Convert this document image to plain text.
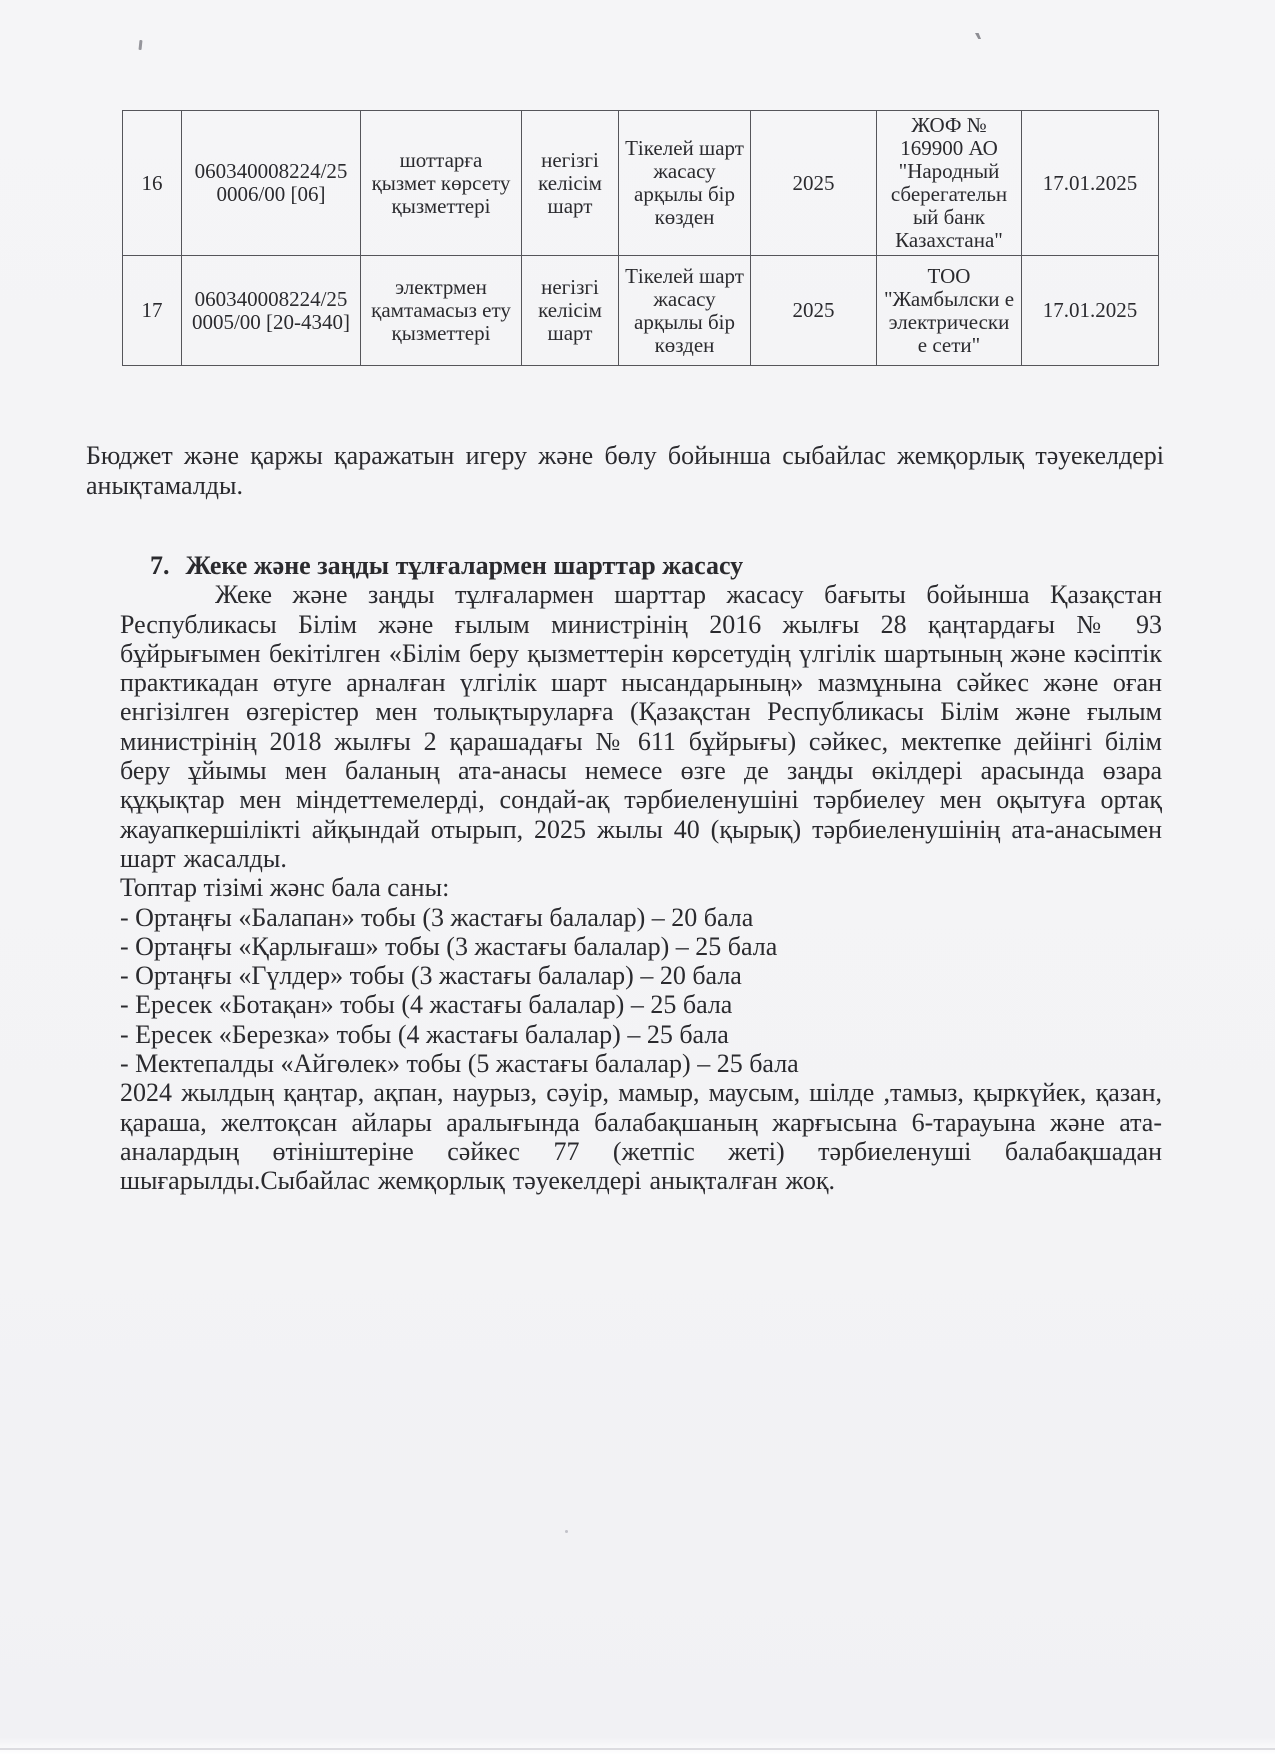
16	060340008224/25 0006/00 [06]	шоттарға қызмет көрсету қызметтері	негізгі келісім шарт	Тікелей шарт жасасу арқылы бір көзден	2025	ЖОФ № 169900 АО "Народный сберегательн ый банк Казахстана"	17.01.2025
17	060340008224/25 0005/00 [20-4340]	электрмен қамтамасыз ету қызметтері	негізгі келісім шарт	Тікелей шарт жасасу арқылы бір көзден	2025	ТОО "Жамбылски е электрически е сети"	17.01.2025

Бюджет және қаржы қаражатын игеру және бөлу бойынша сыбайлас жемқорлық тәуекелдері анықтамалды.

7. Жеке және заңды тұлғалармен шарттар жасасу

Жеке және заңды тұлғалармен шарттар жасасу бағыты бойынша Қазақстан Республикасы Білім және ғылым министрінің 2016 жылғы 28 қаңтардағы № 93 бұйрығымен бекітілген «Білім беру қызметтерін көрсетудің үлгілік шартының және кәсіптік практикадан өтуге арналған үлгілік шарт нысандарының» мазмұнына сәйкес және оған енгізілген өзгерістер мен толықтыруларға (Қазақстан Республикасы Білім және ғылым министрінің 2018 жылғы 2 қарашадағы № 611 бұйрығы) сәйкес, мектепке дейінгі білім беру ұйымы мен баланың ата-анасы немесе өзге де заңды өкілдері арасында өзара құқықтар мен міндеттемелерді, сондай-ақ тәрбиеленушіні тәрбиелеу мен оқытуға ортақ жауапкершілікті айқындай отырып, 2025 жылы 40 (қырық) тәрбиеленушінің ата-анасымен шарт жасалды.

Топтар тізімі жәнс бала саны:

- Ортаңғы «Балапан» тобы (3 жастағы балалар) – 20 бала
- Ортаңғы «Қарлығаш» тобы (3 жастағы балалар) – 25 бала
- Ортаңғы «Гүлдер» тобы (3 жастағы балалар) – 20 бала
- Ересек «Ботақан» тобы (4 жастағы балалар) – 25 бала
- Ересек «Березка» тобы (4 жастағы балалар) – 25 бала
- Мектепалды «Айгөлек» тобы (5 жастағы балалар) – 25 бала

2024 жылдың қаңтар, ақпан, наурыз, сәуір, мамыр, маусым, шілде ,тамыз, қыркүйек, қазан, қараша, желтоқсан айлары аралығында балабақшаның жарғысына 6-тарауына және ата-аналардың өтініштеріне сәйкес 77 (жетпіс жеті) тәрбиеленуші балабақшадан шығарылды.Сыбайлас жемқорлық тәуекелдері анықталған жоқ.
